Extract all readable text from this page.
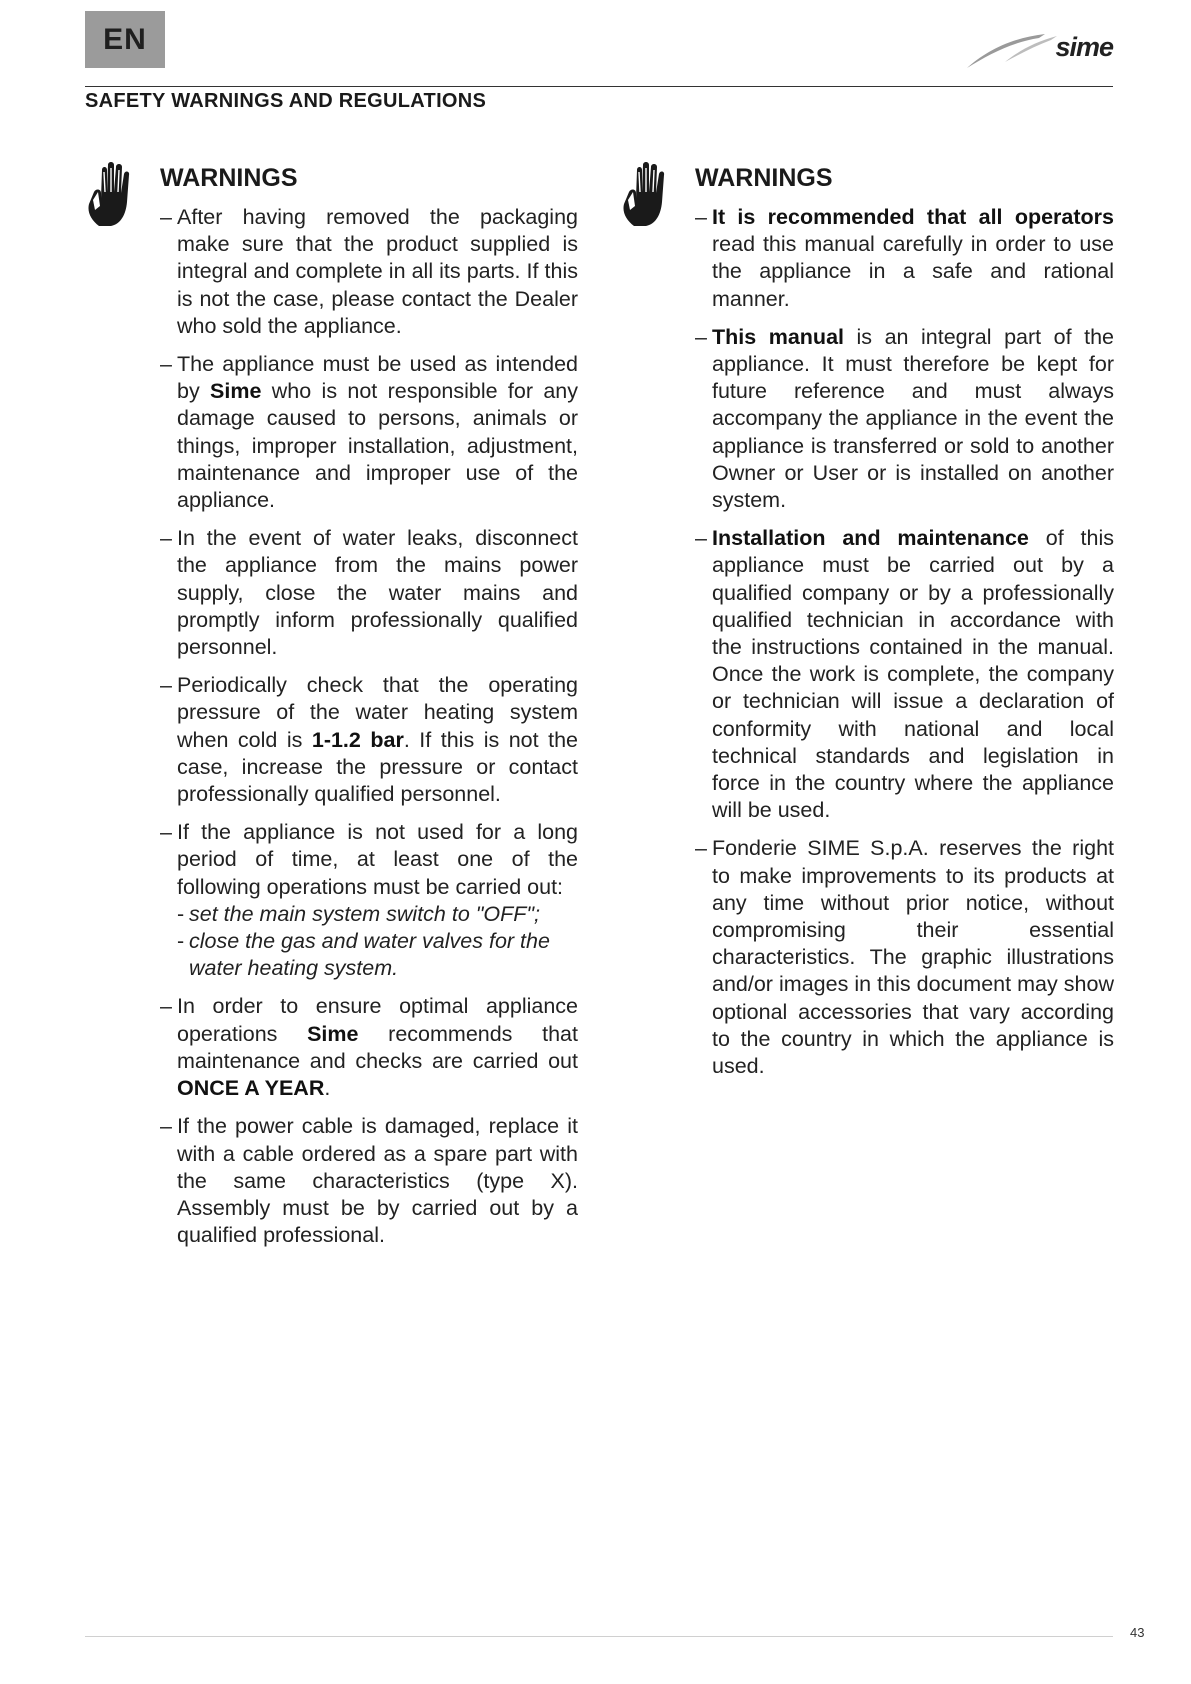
EN	sime
SAFETY WARNINGS AND REGULATIONS
WARNINGS
– After having removed the packaging make sure that the product supplied is integral and complete in all its parts. If this is not the case, please contact the Dealer who sold the appliance.
– The appliance must be used as intended by Sime who is not responsible for any damage caused to persons, animals or things, improper installation, adjustment, maintenance and improper use of the appliance.
– In the event of water leaks, disconnect the appliance from the mains power supply, close the water mains and promptly inform professionally qualified personnel.
– Periodically check that the operating pressure of the water heating system when cold is 1-1.2 bar. If this is not the case, increase the pressure or contact professionally qualified personnel.
– If the appliance is not used for a long period of time, at least one of the following operations must be carried out:
- set the main system switch to "OFF";
- close the gas and water valves for the water heating system.
– In order to ensure optimal appliance operations Sime recommends that maintenance and checks are carried out ONCE A YEAR.
– If the power cable is damaged, replace it with a cable ordered as a spare part with the same characteristics (type X). Assembly must be by carried out by a qualified professional.
WARNINGS
– It is recommended that all operators read this manual carefully in order to use the appliance in a safe and rational manner.
– This manual is an integral part of the appliance. It must therefore be kept for future reference and must always accompany the appliance in the event the appliance is transferred or sold to another Owner or User or is installed on another system.
– Installation and maintenance of this appliance must be carried out by a qualified company or by a professionally qualified technician in accordance with the instructions contained in the manual. Once the work is complete, the company or technician will issue a declaration of conformity with national and local technical standards and legislation in force in the country where the appliance will be used.
– Fonderie SIME S.p.A. reserves the right to make improvements to its products at any time without prior notice, without compromising their essential characteristics. The graphic illustrations and/or images in this document may show optional accessories that vary according to the country in which the appliance is used.
43
